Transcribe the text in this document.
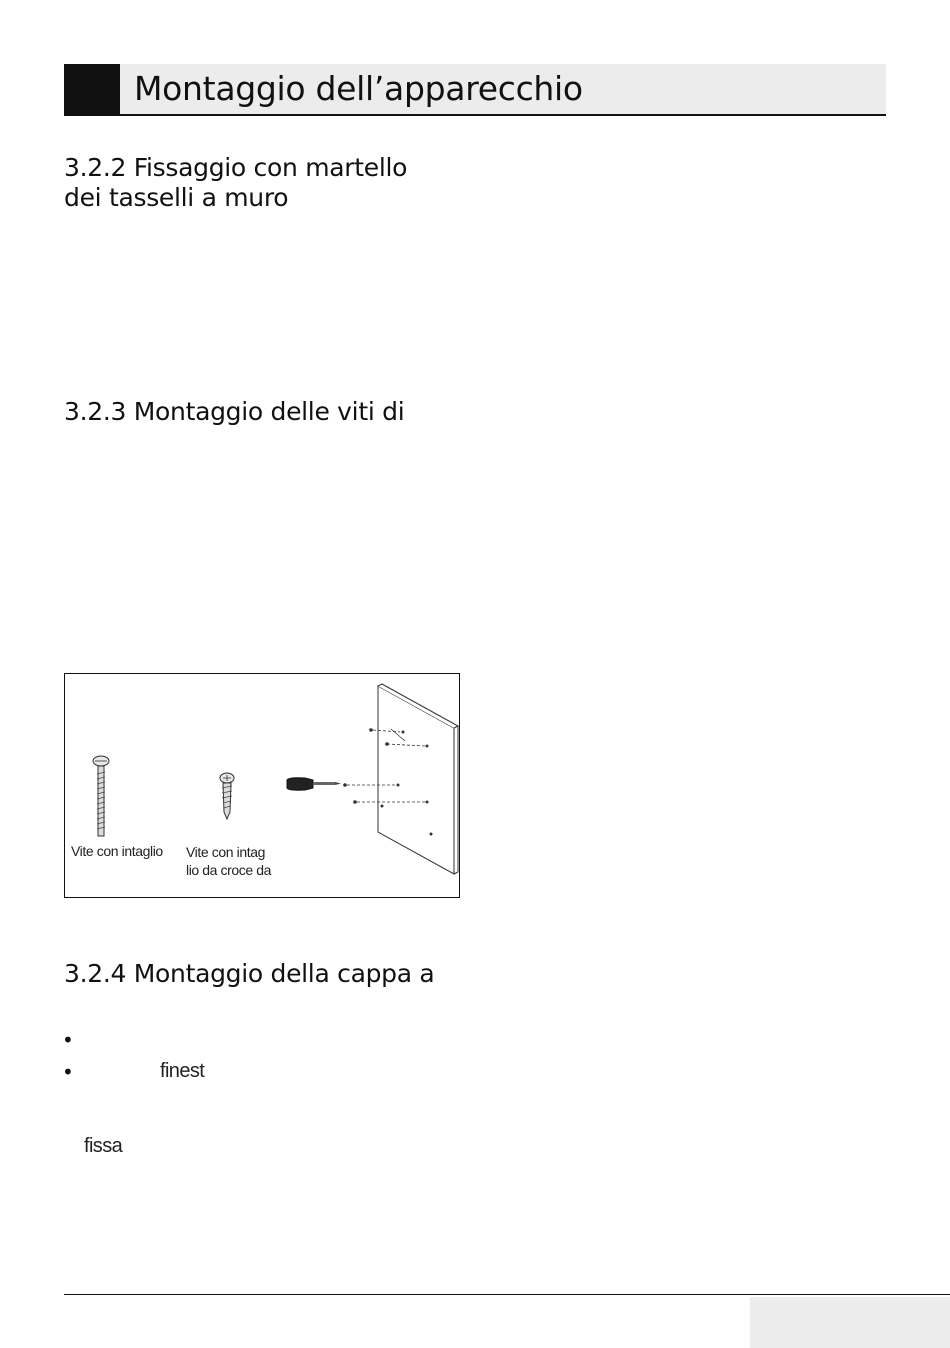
Montaggio dell’apparecchio
3.2.2 Fissaggio con martello
dei tasselli a muro
3.2.3 Montaggio delle viti di
Vite con intaglio Vite con intag
lio da croce da
3.2.4 Montaggio della cappa a
•
•	finest
fissa
